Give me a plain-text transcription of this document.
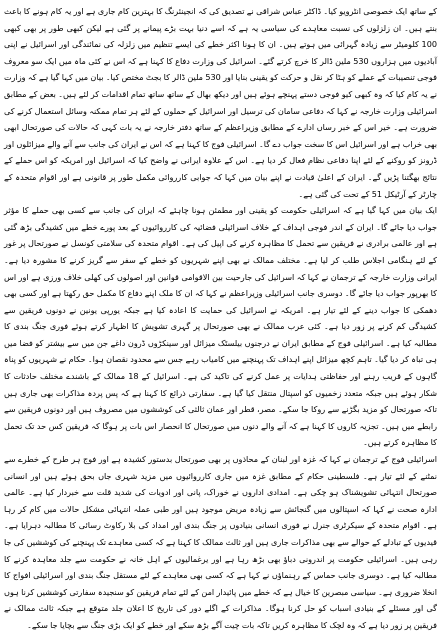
کے ساتھ ایک خصوصی انٹرویو کیا۔ ڈاکٹر عباس شراقی نے تصدیق کی کہ انجینئرنگ کا بہترین کام جاری ہے اور یہ کام ہونے کا باعث بنتے ہیں۔ ان زلزلوں کی نسبت معاہدے کی سیاسی یہ ہے کہ اسے دنیا بہت بڑے پیمانے پر گئی ہے لیکن کبھی طور پر بھی کبھی 100 کلومیٹر سے زیادہ گہرائی میں ہوتے ہیں۔ ان کا ہونا اکثر خطے کی ایسے تنظیم میں زلزلہ کی نمائندگی اور اسرائیل نے اپنی آبادیوں میں ہزاروں 530 ملین ڈالر کا خرچ کرتے گئے۔ اسرائیل کی وزارت دفاع کا کہنا ہے کہ اس نے کئی ماہ میں ایک سو معروف فوجی تنصیبات کے عملے کو ہٹا کر نقل و حرکت کو یقینی بنایا اور 530 ملین ڈالر کا بجٹ مختص کیا۔ بیان میں کہا گیا ہے کہ وزارت نے یہ کام کیا کہ وہ کبھی کیو فوجی دستے پہنچے ہوئے ہیں اور دیکھ بھال کے ساتھ ساتھ تمام اقدامات کر لئے ہیں۔ بعض کے مطابق اسرائیلی وزارت خارجہ نے کہا کہ دفاعی سامان کی ترسیل اور اسرائیل کے حملوں کے لئے ہر تمام ممکنہ وسائل استعمال کرنے کی ضرورت ہے۔ خیر اس کے خبر رساں ادارے کے مطابق وزیراعظم کے ساتھ دفتر خارجہ نے یہ بات کہی کہ حالات کی صورتحال ابھی بھی خراب ہے اور اسرائیل اس کا سخت جواب دے گا۔ اسرائیلی فوج کا کہنا ہے کہ اس نے ایران کی جانب سے آنے والے میزائلوں اور ڈرونز کو روکنے کے لئے اپنا دفاعی نظام فعال کر دیا ہے۔ اس کے علاوہ ایرانی نے واضح کیا کہ اسرائیل اور امریکہ کو اس حملے کے نتائج بھگتنا پڑیں گے۔ ایران کے اعلیٰ قیادت نے اپنے بیان میں کہا کہ جوابی کارروائی مکمل طور پر قانونی ہے اور اقوام متحدہ کے چارٹر کے آرٹیکل 51 کے تحت کی گئی ہے۔

ایک بیان میں کہا گیا ہے کہ اسرائیلی حکومت کو یقینی اور مطمئن ہونا چاہئے کہ ایران کی جانب سے کسی بھی حملے کا مؤثر جواب دیا جائے گا۔ ایران کے اندر فوجی اہداف کے خلاف اسرائیلی فضائیہ کی کارروائیوں کے بعد پورے خطے میں کشیدگی بڑھ گئی ہے اور عالمی برادری نے فریقین سے تحمل کا مظاہرہ کرنے کی اپیل کی ہے۔ اقوام متحدہ کی سلامتی کونسل نے صورتحال پر غور کے لئے ہنگامی اجلاس طلب کر لیا ہے۔ مختلف ممالک نے بھی اپنے شہریوں کو خطے کے سفر سے گریز کرنے کا مشورہ دیا ہے۔ ایرانی وزارت خارجہ کے ترجمان نے کہا کہ اسرائیل کی جارحیت بین الاقوامی قوانین اور اصولوں کی کھلی خلاف ورزی ہے اور اس کا بھرپور جواب دیا جائے گا۔ دوسری جانب اسرائیلی وزیراعظم نے کہا کہ ان کا ملک اپنے دفاع کا مکمل حق رکھتا ہے اور کسی بھی دھمکی کا جواب دینے کے لئے تیار ہے۔ امریکہ نے اسرائیل کی حمایت کا اعادہ کیا ہے جبکہ یورپی یونین نے دونوں فریقین سے کشیدگی کم کرنے پر زور دیا ہے۔ کئی عرب ممالک نے بھی صورتحال پر گہری تشویش کا اظہار کرتے ہوئے فوری جنگ بندی کا مطالبہ کیا ہے۔ اسرائیلی فوج کے مطابق ایران نے درجنوں بیلسٹک میزائل اور سینکڑوں ڈرون داغے جن میں سے بیشتر کو فضا میں ہی تباہ کر دیا گیا۔ تاہم کچھ میزائل اپنے اہداف تک پہنچنے میں کامیاب رہے جس سے محدود نقصان ہوا۔ حکام نے شہریوں کو پناہ گاہوں کے قریب رہنے اور حفاظتی ہدایات پر عمل کرنے کی تاکید کی ہے۔ اسرائیل کے 18 ممالک کے باشندے مختلف حادثات کا شکار ہوئے ہیں جبکہ متعدد زخمیوں کو اسپتال منتقل کیا گیا ہے۔ سفارتی ذرائع کا کہنا ہے کہ پس پردہ مذاکرات بھی جاری ہیں تاکہ صورتحال کو مزید بگڑنے سے روکا جا سکے۔ مصر، قطر اور عمان ثالثی کی کوششوں میں مصروف ہیں اور دونوں فریقین سے رابطے میں ہیں۔ تجزیہ کاروں کا کہنا ہے کہ آنے والے دنوں میں صورتحال کا انحصار اس بات پر ہوگا کہ فریقین کس حد تک تحمل کا مظاہرہ کرتے ہیں۔

اسرائیلی فوج کے ترجمان نے کہا کہ غزہ اور لبنان کے محاذوں پر بھی صورتحال بدستور کشیدہ ہے اور فوج ہر طرح کے خطرے سے نمٹنے کے لئے تیار ہے۔ فلسطینی حکام کے مطابق غزہ میں جاری کارروائیوں میں مزید شہری جاں بحق ہوئے ہیں اور انسانی صورتحال انتہائی تشویشناک ہو چکی ہے۔ امدادی اداروں نے خوراک، پانی اور ادویات کی شدید قلت سے خبردار کیا ہے۔ عالمی ادارہ صحت نے کہا کہ اسپتالوں میں گنجائش سے زیادہ مریض موجود ہیں اور طبی عملہ انتہائی مشکل حالات میں کام کر رہا ہے۔ اقوام متحدہ کے سیکرٹری جنرل نے فوری انسانی بنیادوں پر جنگ بندی اور امداد کی بلا رکاوٹ رسائی کا مطالبہ دہرایا ہے۔ قیدیوں کے تبادلے کے حوالے سے بھی مذاکرات جاری ہیں اور ثالث ممالک کا کہنا ہے کہ کسی معاہدے تک پہنچنے کی کوششیں کی جا رہی ہیں۔ اسرائیلی حکومت پر اندرونی دباؤ بھی بڑھ رہا ہے اور یرغمالیوں کے اہل خانہ نے حکومت سے جلد معاہدہ کرنے کا مطالبہ کیا ہے۔ دوسری جانب حماس کے رہنماؤں نے کہا ہے کہ کسی بھی معاہدے کے لئے مستقل جنگ بندی اور اسرائیلی افواج کا انخلا ضروری ہے۔ سیاسی مبصرین کا خیال ہے کہ خطے میں پائیدار امن کے لئے تمام فریقین کو سنجیدہ سفارتی کوششیں کرنا ہوں گی اور مسئلے کے بنیادی اسباب کو حل کرنا ہوگا۔ مذاکرات کے اگلے دور کی تاریخ کا اعلان جلد متوقع ہے جبکہ ثالث ممالک نے فریقین پر زور دیا ہے کہ وہ لچک کا مظاہرہ کریں تاکہ بات چیت آگے بڑھ سکے اور خطے کو ایک بڑی جنگ سے بچایا جا سکے۔
